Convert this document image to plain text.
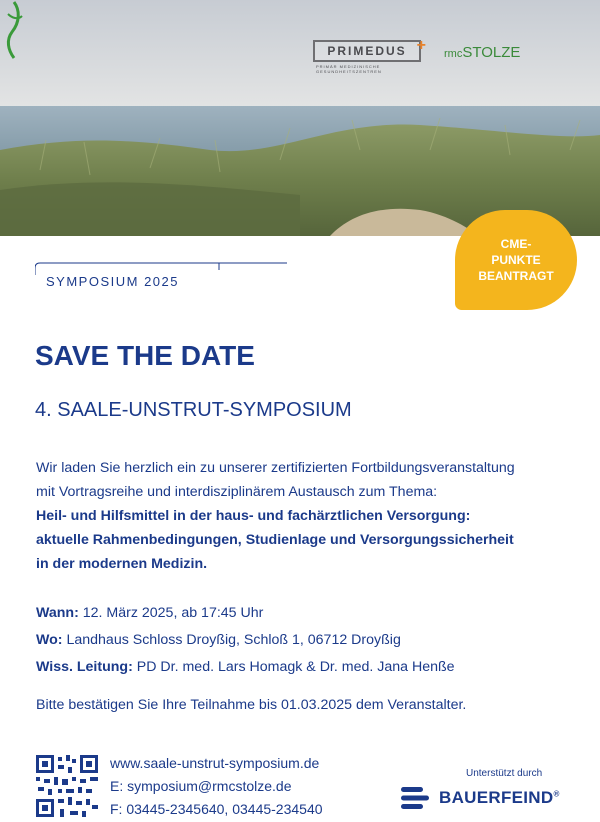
PRIMEDUS +
PRIMÄR MEDIZINISCHE GESUNDHEITSZENTREN
rmcSTOLZE
CME-
PUNKTE
BEANTRAGT
SYMPOSIUM 2025
SAVE THE DATE
4. SAALE-UNSTRUT-SYMPOSIUM
Wir laden Sie herzlich ein zu unserer zertifizierten Fortbildungsveranstaltung
mit Vortragsreihe und interdisziplinärem Austausch zum Thema:
Heil- und Hilfsmittel in der haus- und fachärztlichen Versorgung:
aktuelle Rahmenbedingungen, Studienlage und Versorgungssicherheit
in der modernen Medizin.
Wann: 12. März 2025, ab 17:45 Uhr
Wo: Landhaus Schloss Droyßig, Schloß 1, 06712 Droyßig
Wiss. Leitung: PD Dr. med. Lars Homagk & Dr. med. Jana Henße
Bitte bestätigen Sie Ihre Teilnahme bis 01.03.2025 dem Veranstalter.
www.saale-unstrut-symposium.de
E: symposium@rmcstolze.de
F: 03445-2345640, 03445-234540
Unterstützt durch
BAUERFEIND®
